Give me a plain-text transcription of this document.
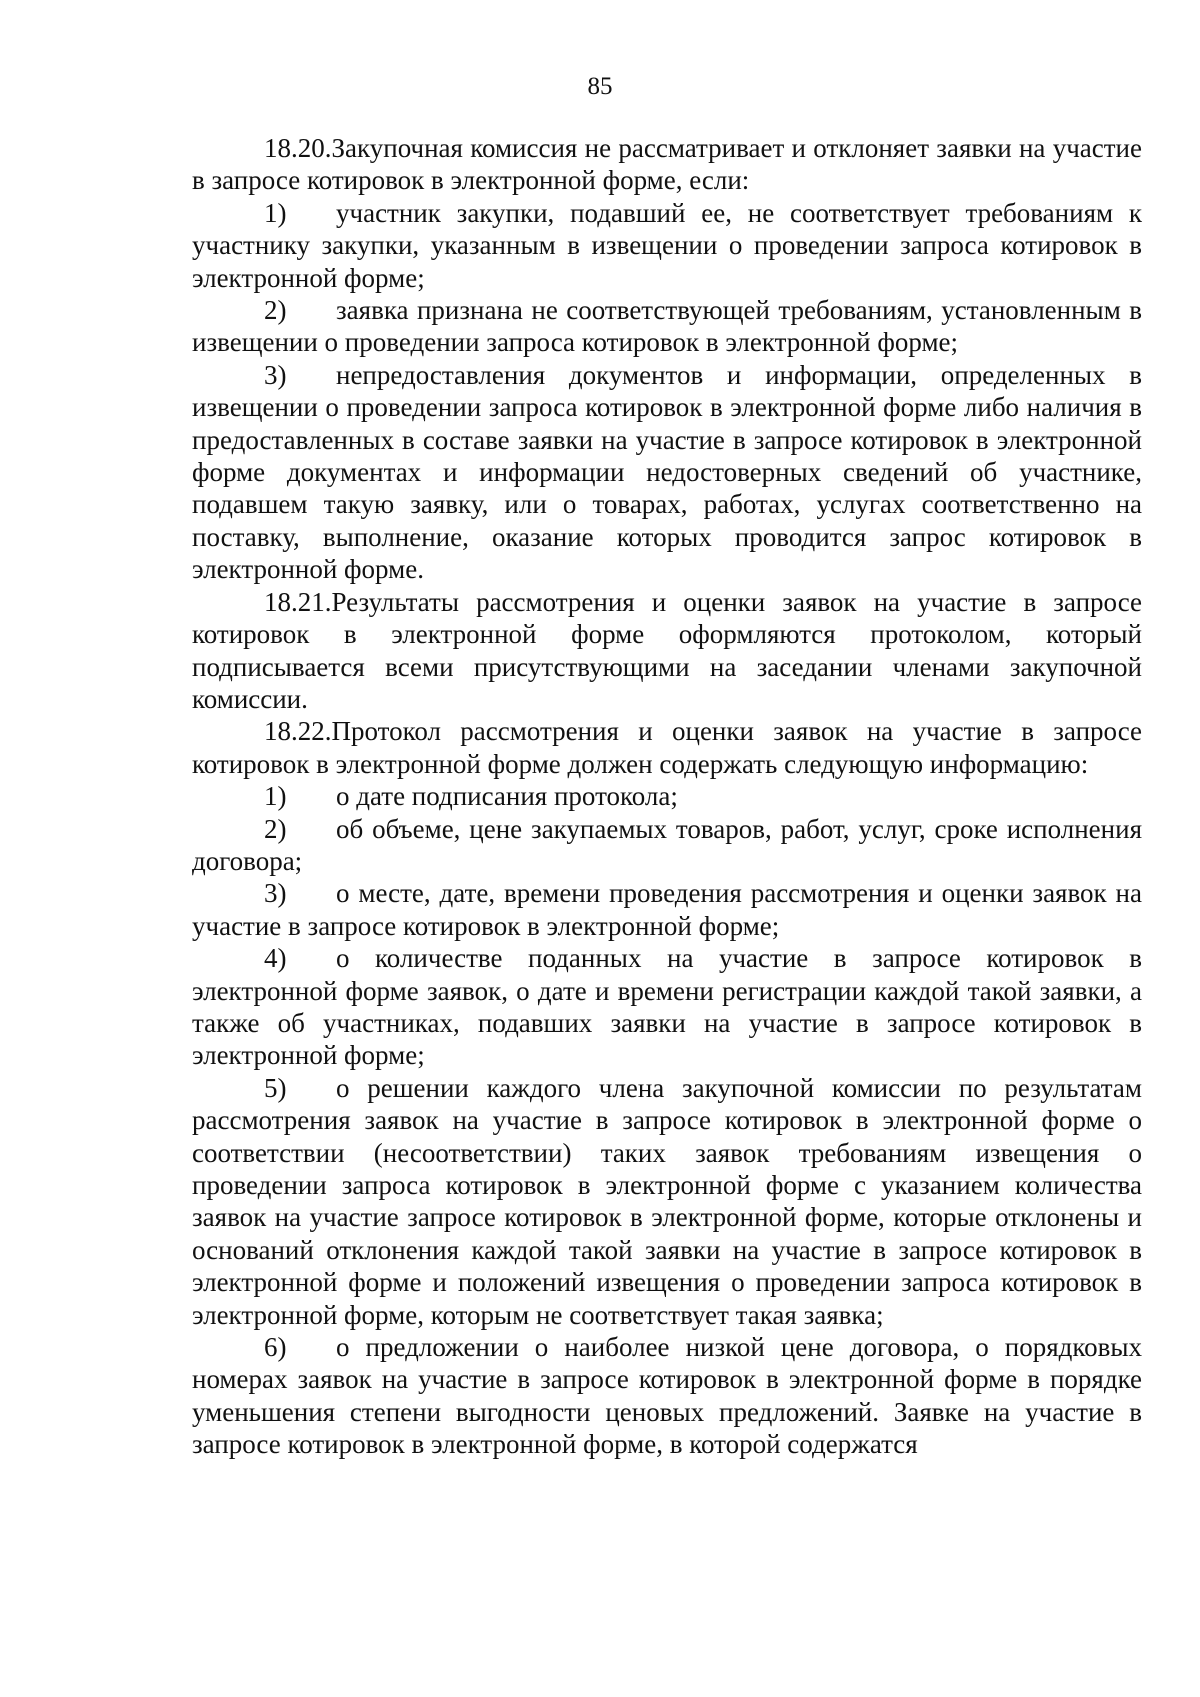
85

18.20.Закупочная комиссия не рассматривает и отклоняет заявки на участие в запросе котировок в электронной форме, если:

1) участник закупки, подавший ее, не соответствует требованиям к участнику закупки, указанным в извещении о проведении запроса котировок в электронной форме;

2) заявка признана не соответствующей требованиям, установленным в извещении о проведении запроса котировок в электронной форме;

3) непредоставления документов и информации, определенных в извещении о проведении запроса котировок в электронной форме либо наличия в предоставленных в составе заявки на участие в запросе котировок в электронной форме документах и информации недостоверных сведений об участнике, подавшем такую заявку, или о товарах, работах, услугах соответственно на поставку, выполнение, оказание которых проводится запрос котировок в электронной форме.

18.21.Результаты рассмотрения и оценки заявок на участие в запросе котировок в электронной форме оформляются протоколом, который подписывается всеми присутствующими на заседании членами закупочной комиссии.

18.22.Протокол рассмотрения и оценки заявок на участие в запросе котировок в электронной форме должен содержать следующую информацию:

1) о дате подписания протокола;

2) об объеме, цене закупаемых товаров, работ, услуг, сроке исполнения договора;

3) о месте, дате, времени проведения рассмотрения и оценки заявок на участие в запросе котировок в электронной форме;

4) о количестве поданных на участие в запросе котировок в электронной форме заявок, о дате и времени регистрации каждой такой заявки, а также об участниках, подавших заявки на участие в запросе котировок в электронной форме;

5) о решении каждого члена закупочной комиссии по результатам рассмотрения заявок на участие в запросе котировок в электронной форме о соответствии (несоответствии) таких заявок требованиям извещения о проведении запроса котировок в электронной форме с указанием количества заявок на участие запросе котировок в электронной форме, которые отклонены и оснований отклонения каждой такой заявки на участие в запросе котировок в электронной форме и положений извещения о проведении запроса котировок в электронной форме, которым не соответствует такая заявка;

6) о предложении о наиболее низкой цене договора, о порядковых номерах заявок на участие в запросе котировок в электронной форме в порядке уменьшения степени выгодности ценовых предложений. Заявке на участие в запросе котировок в электронной форме, в которой содержатся
